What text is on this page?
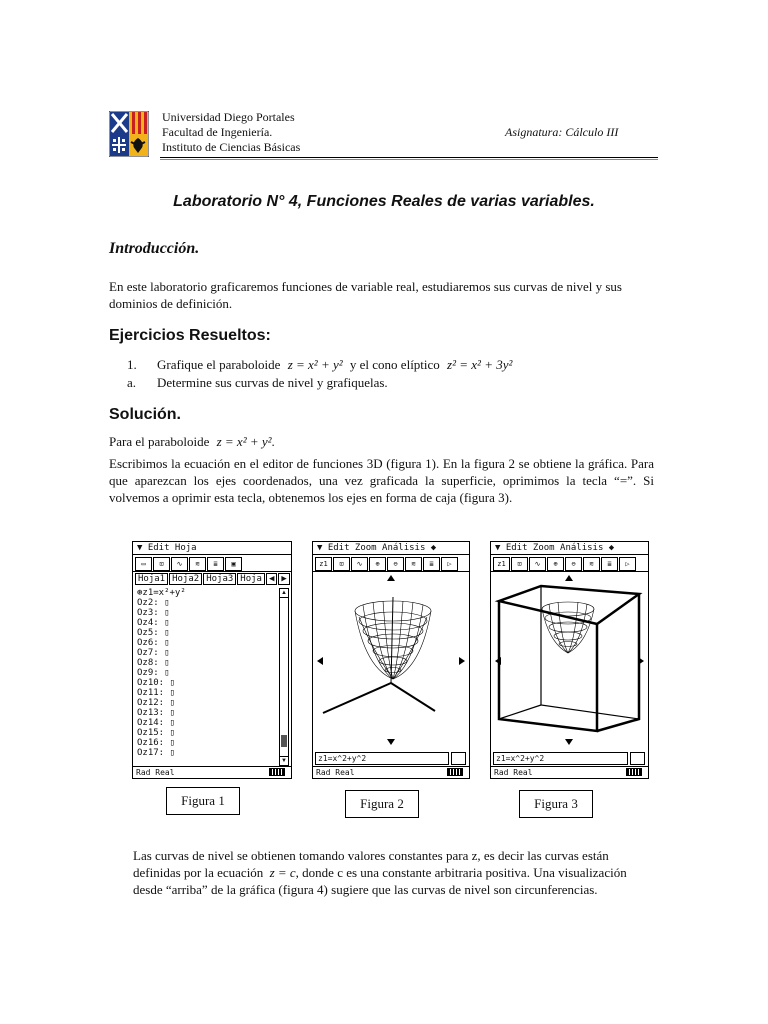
Universidad Diego Portales
Facultad de Ingeniería.
Instituto de Ciencias Básicas
Asignatura: Cálculo III
Laboratorio N° 4, Funciones Reales de varias variables.
Introducción.
En este laboratorio graficaremos funciones de variable real, estudiaremos sus curvas de nivel y sus dominios de definición.
Ejercicios Resueltos:
1. Grafique el paraboloide z = x² + y² y el cono elíptico z² = x² + 3y²
a. Determine sus curvas de nivel y grafiquelas.
Solución.
Para el paraboloide z = x² + y².
Escribimos la ecuación en el editor de funciones 3D (figura 1). En la figura 2 se obtiene la gráfica. Para que aparezcan los ejes coordenados, una vez graficada la superficie, oprimimos la tecla “=”. Si volvemos a oprimir esta tecla, obtenemos los ejes en forma de caja (figura 3).
▼ Edit Hoja
▭	⊡	∿	≋	≣	▣
Hoja1 Hoja2 Hoja3 Hoja ◀ ▶
⊛z1=x²+y²
Oz2: ▯
Oz3: ▯
Oz4: ▯
Oz5: ▯
Oz6: ▯
Oz7: ▯
Oz8: ▯
Oz9: ▯
Oz10: ▯
Oz11: ▯
Oz12: ▯
Oz13: ▯
Oz14: ▯
Oz15: ▯
Oz16: ▯
Oz17: ▯
▲
▼
Rad Real
▼ Edit Zoom Análisis ◆
z1	⊡	∿	⊕	⊖	≋	≣	▷
z1=x^2+y^2
Rad Real
▼ Edit Zoom Análisis ◆
z1	⊡	∿	⊕	⊖	≋	≣	▷
z1=x^2+y^2
Rad Real
Figura 1	Figura 2	Figura 3
Las curvas de nivel se obtienen tomando valores constantes para z, es decir las curvas están definidas por la ecuación z = c, donde c es una constante arbitraria positiva. Una visualización desde “arriba” de la gráfica (figura 4) sugiere que las curvas de nivel son circunferencias.
